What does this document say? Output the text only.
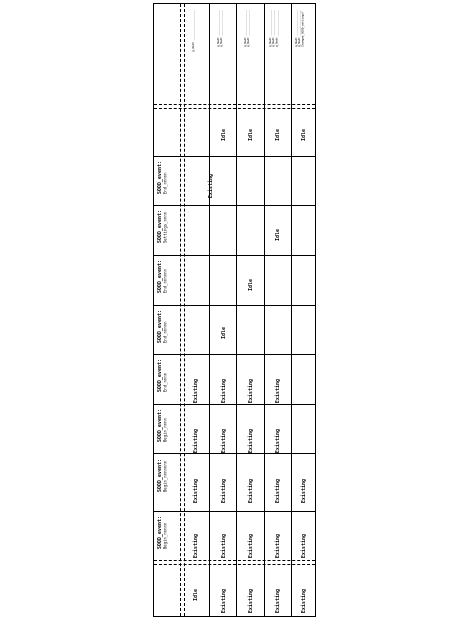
SOOD_event:
Begin_nnnnn
SOOD_event:
Begin_nnnnnnn
SOOD_event:
Begin_nnnn
SOOD_event:
End_nnnn
SOOD_event:
End_nnnnn
SOOD_event:
End_nnnnnn
SOOD_event:
Settings_nnnn
SOOD_event:
End_nnnnn
Idle
Existing
Existing
Existing
Existing
g_Nsdt ___________________
Existing
Existing
Existing
Existing
Existing
Idle
Existing
Idle
g_Nsdt ________________
g_Nsdt ________________
Existing
Existing
Existing
Existing
Existing
Idle
Idle
g_Nsdt ________________
g_Nsdt ________________
Existing
Existing
Existing
Existing
Existing
Idle
Idle
g_Nsdt ________________
g_Nsdt ________________
g_Nsdt ________________
Existing
Existing
Existing
Idle
g_Nsdt ________________
g_Nsdt ________________
Changed_SOOD_settings?
